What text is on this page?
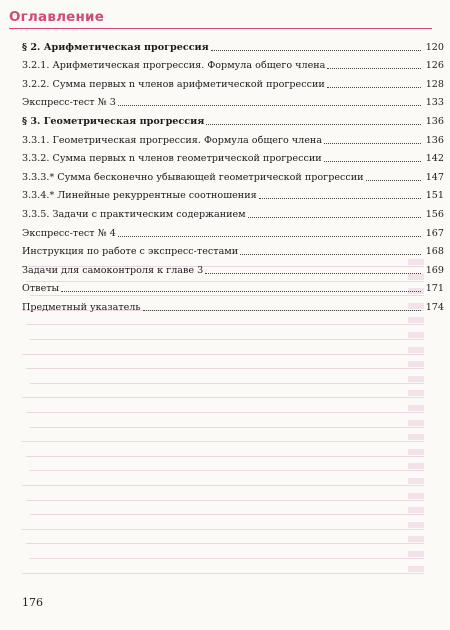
Оглавление
§ 2. Арифметическая прогрессия	120
3.2.1. Арифметическая прогрессия. Формула общего члена	126
3.2.2. Сумма первых n членов арифметической прогрессии	128
Экспресс-тест № 3	133
§ 3. Геометрическая прогрессия	136
3.3.1. Геометрическая прогрессия. Формула общего члена	136
3.3.2. Сумма первых n членов геометрической прогрессии	142
3.3.3.* Сумма бесконечно убывающей геометрической прогрессии	147
3.3.4.* Линейные рекуррентные соотношения	151
3.3.5. Задачи с практическим содержанием	156
Экспресс-тест № 4	167
Инструкция по работе с экспресс-тестами	168
Задачи для самоконтроля к главе 3	169
Ответы	171
Предметный указатель	174
176
